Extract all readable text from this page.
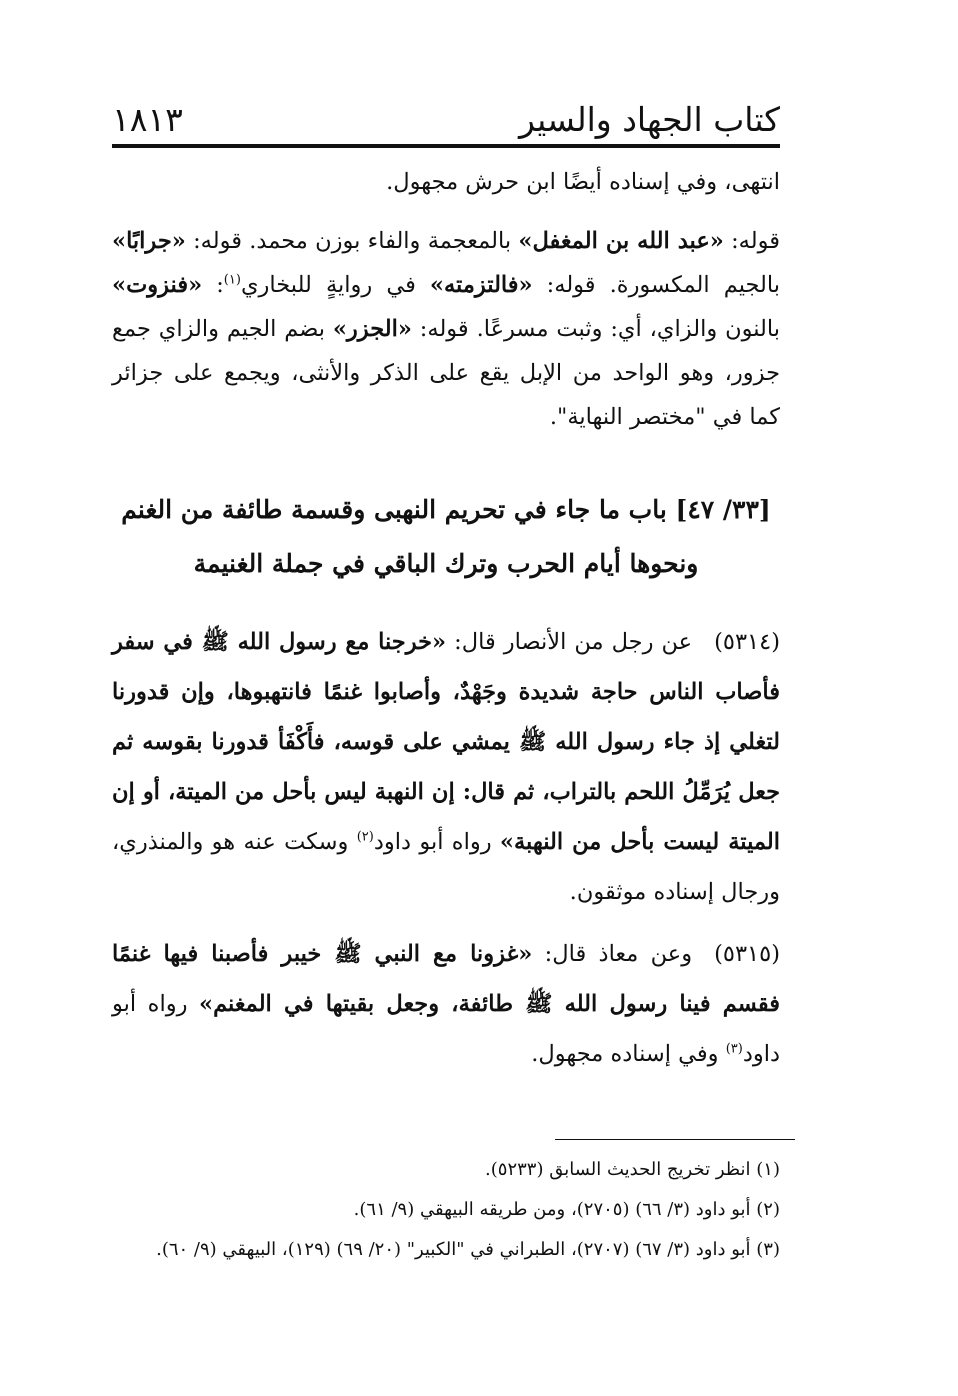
كتاب الجهاد والسير
١٨١٣

انتهى، وفي إسناده أيضًا ابن حرش مجهول.

قوله: «عبد الله بن المغفل» بالمعجمة والفاء بوزن محمد. قوله: «جرابًا» بالجيم المكسورة. قوله: «فالتزمته» في روايةٍ للبخاري$^{(١)}$: «فنزوت» بالنون والزاي، أي: وثبت مسرعًا. قوله: «الجزر» بضم الجيم والزاي جمع جزور، وهو الواحد من الإبل يقع على الذكر والأنثى، ويجمع على جزائر كما في "مختصر النهاية".

[٣٣/ ٤٧] باب ما جاء في تحريم النهبى وقسمة طائفة من الغنم ونحوها أيام الحرب وترك الباقي في جملة الغنيمة

(٥٣١٤)عن رجل من الأنصار قال: «خرجنا مع رسول الله ﷺ في سفر فأصاب الناس حاجة شديدة وجَهْدٌ، وأصابوا غنمًا فانتهبوها، وإن قدورنا لتغلي إذ جاء رسول الله ﷺ يمشي على قوسه، فأَكْفَأ قدورنا بقوسه ثم جعل يُرَمِّلُ اللحم بالتراب، ثم قال: إن النهبة ليس بأحل من الميتة، أو إن الميتة ليست بأحل من النهبة» رواه أبو داود$^{(٢)}$ وسكت عنه هو والمنذري، ورجال إسناده موثقون.

(٥٣١٥)وعن معاذ قال: «غزونا مع النبي ﷺ خيبر فأصبنا فيها غنمًا فقسم فينا رسول الله ﷺ طائفة، وجعل بقيتها في المغنم» رواه أبو داود$^{(٣)}$ وفي إسناده مجهول.

(١) انظر تخريج الحديث السابق (٥٢٣٣).

(٢) أبو داود (٣/ ٦٦) (٢٧٠٥)، ومن طريقه البيهقي (٩/ ٦١).

(٣) أبو داود (٣/ ٦٧) (٢٧٠٧)، الطبراني في "الكبير" (٢٠/ ٦٩) (١٢٩)، البيهقي (٩/ ٦٠).
